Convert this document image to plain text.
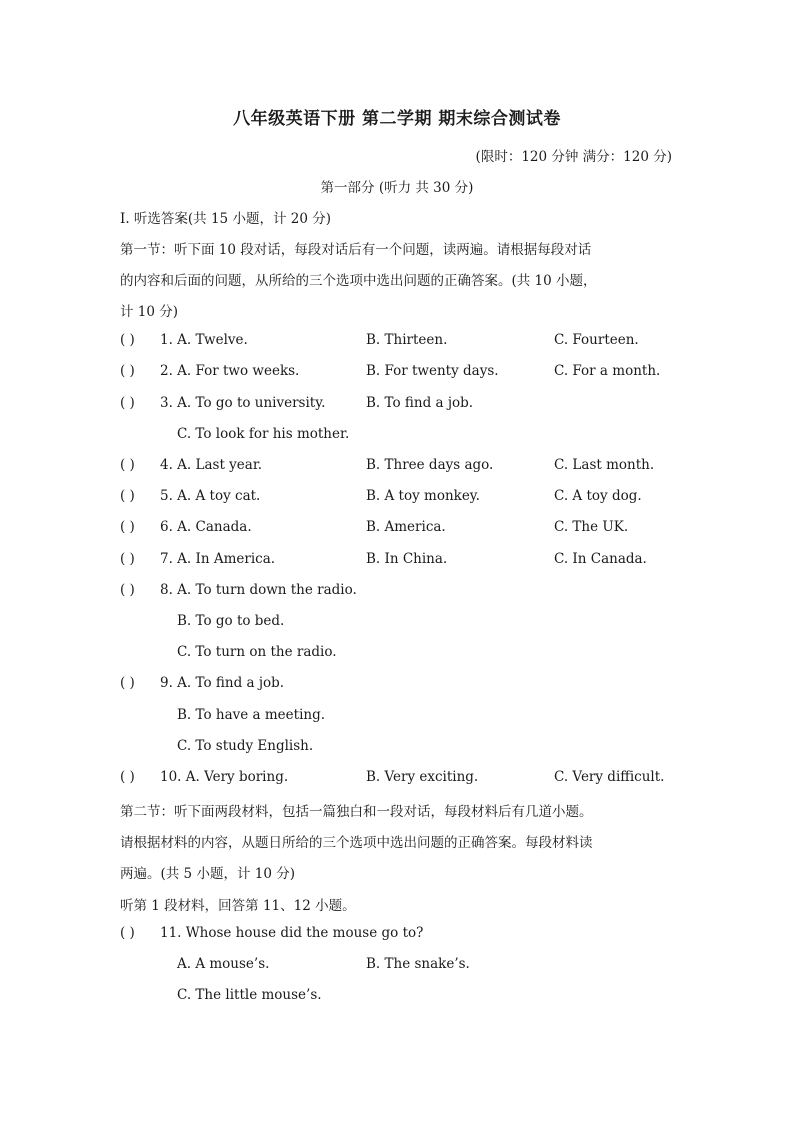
八年级英语下册 第二学期 期末综合测试卷
(限时：120 分钟 满分：120 分)
第一部分 (听力 共 30 分)
I. 听选答案(共 15 小题，计 20 分)
第一节：听下面 10 段对话，每段对话后有一个问题，读两遍。请根据每段对话
的内容和后面的问题，从所给的三个选项中选出问题的正确答案。(共 10 小题，
计 10 分)
( ) 1. A. Twelve.	B. Thirteen.	C. Fourteen.
( ) 2. A. For two weeks.	B. For twenty days.	C. For a month.
( ) 3. A. To go to university.	B. To find a job.
C. To look for his mother.
( ) 4. A. Last year.	B. Three days ago.	C. Last month.
( ) 5. A. A toy cat.	B. A toy monkey.	C. A toy dog.
( ) 6. A. Canada.	B. America.	C. The UK.
( ) 7. A. In America.	B. In China.	C. In Canada.
( ) 8. A. To turn down the radio.
B. To go to bed.
C. To turn on the radio.
( ) 9. A. To find a job.
B. To have a meeting.
C. To study English.
( ) 10. A. Very boring.	B. Very exciting.	C. Very difficult.
第二节：听下面两段材料，包括一篇独白和一段对话，每段材料后有几道小题。
请根据材料的内容，从题日所给的三个选项中选出问题的正确答案。每段材料读
两遍。(共 5 小题，计 10 分)
听第 1 段材料，回答第 11、12 小题。
( ) 11. Whose house did the mouse go to?
A. A mouse’s.	B. The snake’s.
C. The little mouse’s.
